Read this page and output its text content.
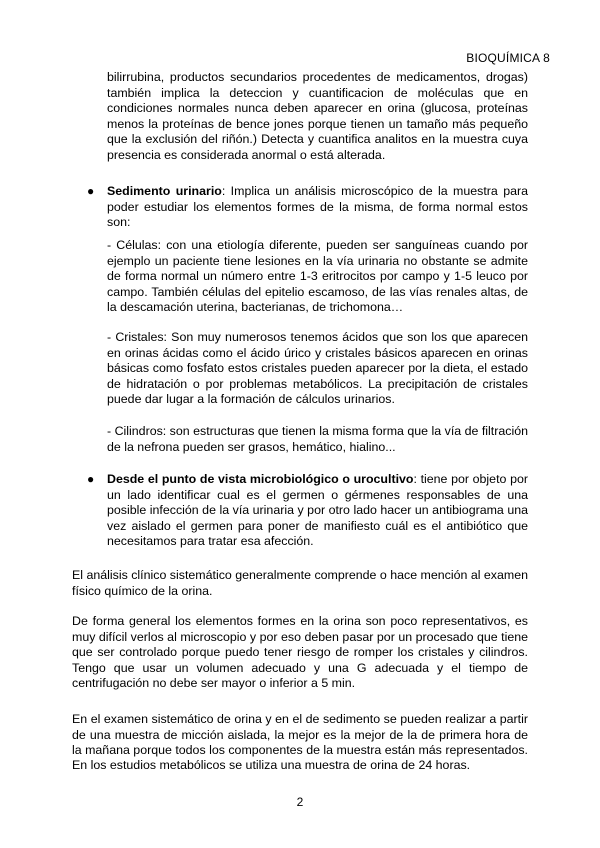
BIOQUÍMICA 8

bilirrubina, productos secundarios procedentes de medicamentos, drogas) también implica la deteccion y cuantificacion de moléculas que en condiciones normales nunca deben aparecer en orina (glucosa, proteínas menos la proteínas de bence jones porque tienen un tamaño más pequeño que la exclusión del riñón.) Detecta y cuantifica analitos en la muestra cuya presencia es considerada anormal o está alterada.

● Sedimento urinario: Implica un análisis microscópico de la muestra para poder estudiar los elementos formes de la misma, de forma normal estos son:

- Células: con una etiología diferente, pueden ser sanguíneas cuando por ejemplo un paciente tiene lesiones en la vía urinaria no obstante se admite de forma normal un número entre 1-3 eritrocitos por campo y 1-5 leuco por campo. También células del epitelio escamoso, de las vías renales altas, de la descamación uterina, bacterianas, de trichomona…

- Cristales: Son muy numerosos tenemos ácidos que son los que aparecen en orinas ácidas como el ácido úrico y cristales básicos aparecen en orinas básicas como fosfato estos cristales pueden aparecer por la dieta, el estado de hidratación o por problemas metabólicos. La precipitación de cristales puede dar lugar a la formación de cálculos urinarios.

- Cilindros: son estructuras que tienen la misma forma que la vía de filtración de la nefrona pueden ser grasos, hemático, hialino...

● Desde el punto de vista microbiológico o urocultivo: tiene por objeto por un lado identificar cual es el germen o gérmenes responsables de una posible infección de la vía urinaria y por otro lado hacer un antibiograma una vez aislado el germen para poner de manifiesto cuál es el antibiótico que necesitamos para tratar esa afección.

El análisis clínico sistemático generalmente comprende o hace mención al examen físico químico de la orina.

De forma general los elementos formes en la orina son poco representativos, es muy difícil verlos al microscopio y por eso deben pasar por un procesado que tiene que ser controlado porque puedo tener riesgo de romper los cristales y cilindros. Tengo que usar un volumen adecuado y una G adecuada y el tiempo de centrifugación no debe ser mayor o inferior a 5 min.

En el examen sistemático de orina y en el de sedimento se pueden realizar a partir de una muestra de micción aislada, la mejor es la mejor de la de primera hora de la mañana porque todos los componentes de la muestra están más representados.

En los estudios metabólicos se utiliza una muestra de orina de 24 horas.

2
